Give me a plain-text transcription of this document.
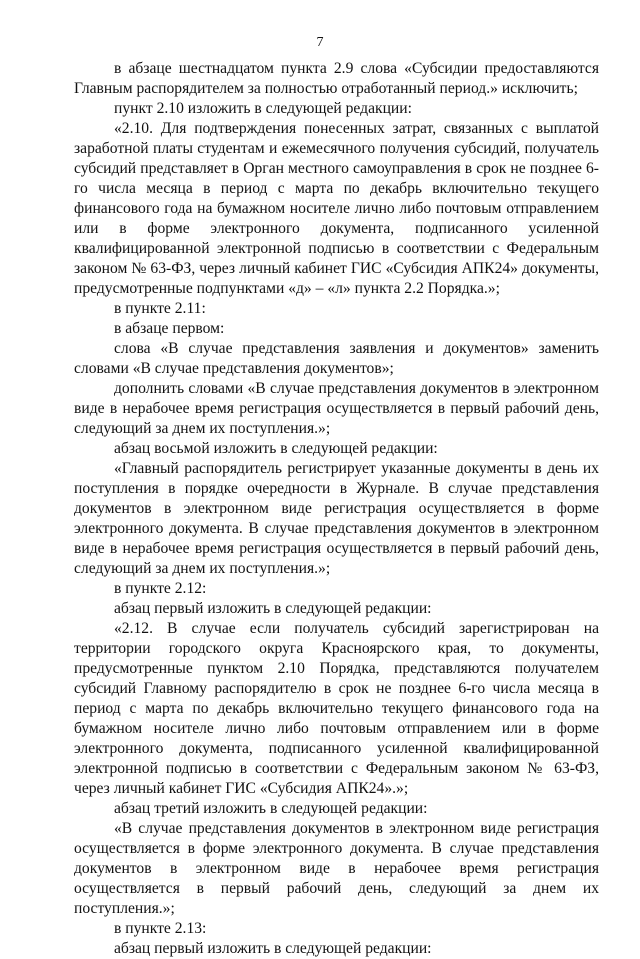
7

в абзаце шестнадцатом пункта 2.9 слова «Субсидии предоставляются Главным распорядителем за полностью отработанный период.» исключить;

пункт 2.10 изложить в следующей редакции:

«2.10. Для подтверждения понесенных затрат, связанных с выплатой заработной платы студентам и ежемесячного получения субсидий, получатель субсидий представляет в Орган местного самоуправления в срок не позднее 6-го числа месяца в период с марта по декабрь включительно текущего финансового года на бумажном носителе лично либо почтовым отправлением или в форме электронного документа, подписанного усиленной квалифицированной электронной подписью в соответствии с Федеральным законом № 63-ФЗ, через личный кабинет ГИС «Субсидия АПК24» документы, предусмотренные подпунктами «д» – «л» пункта 2.2 Порядка.»;

в пункте 2.11:

в абзаце первом:

слова «В случае представления заявления и документов» заменить словами «В случае представления документов»;

дополнить словами «В случае представления документов в электронном виде в нерабочее время регистрация осуществляется в первый рабочий день, следующий за днем их поступления.»;

абзац восьмой изложить в следующей редакции:

«Главный распорядитель регистрирует указанные документы в день их поступления в порядке очередности в Журнале. В случае представления документов в электронном виде регистрация осуществляется в форме электронного документа. В случае представления документов в электронном виде в нерабочее время регистрация осуществляется в первый рабочий день, следующий за днем их поступления.»;

в пункте 2.12:

абзац первый изложить в следующей редакции:

«2.12. В случае если получатель субсидий зарегистрирован на территории городского округа Красноярского края, то документы, предусмотренные пунктом 2.10 Порядка, представляются получателем субсидий Главному распорядителю в срок не позднее 6-го числа месяца в период с марта по декабрь включительно текущего финансового года на бумажном носителе лично либо почтовым отправлением или в форме электронного документа, подписанного усиленной квалифицированной электронной подписью в соответствии с Федеральным законом № 63-ФЗ, через личный кабинет ГИС «Субсидия АПК24».»;

абзац третий изложить в следующей редакции:

«В случае представления документов в электронном виде регистрация осуществляется в форме электронного документа. В случае представления документов в электронном виде в нерабочее время регистрация осуществляется в первый рабочий день, следующий за днем их поступления.»;

в пункте 2.13:

абзац первый изложить в следующей редакции:
